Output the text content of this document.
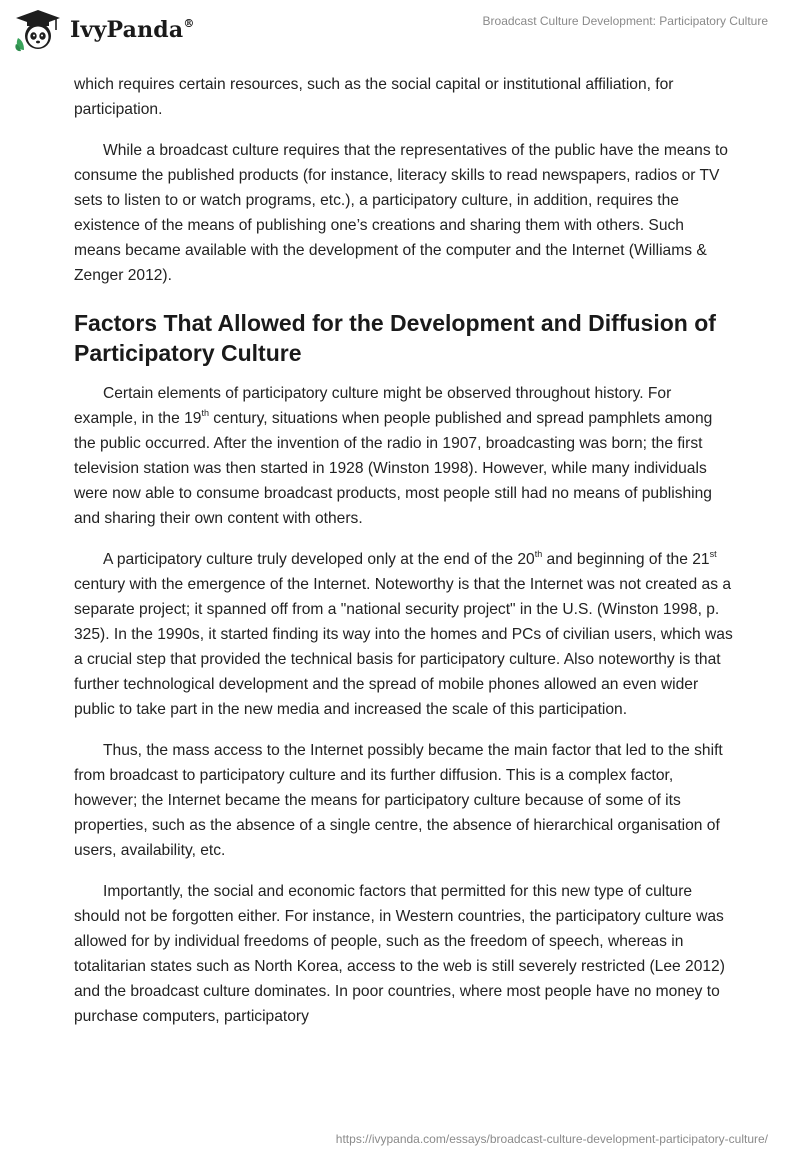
IvyPanda®	Broadcast Culture Development: Participatory Culture

which requires certain resources, such as the social capital or institutional affiliation, for participation.

While a broadcast culture requires that the representatives of the public have the means to consume the published products (for instance, literacy skills to read newspapers, radios or TV sets to listen to or watch programs, etc.), a participatory culture, in addition, requires the existence of the means of publishing one’s creations and sharing them with others. Such means became available with the development of the computer and the Internet (Williams & Zenger 2012).

Factors That Allowed for the Development and Diffusion of Participatory Culture

Certain elements of participatory culture might be observed throughout history. For example, in the 19th century, situations when people published and spread pamphlets among the public occurred. After the invention of the radio in 1907, broadcasting was born; the first television station was then started in 1928 (Winston 1998). However, while many individuals were now able to consume broadcast products, most people still had no means of publishing and sharing their own content with others.

A participatory culture truly developed only at the end of the 20th and beginning of the 21st century with the emergence of the Internet. Noteworthy is that the Internet was not created as a separate project; it spanned off from a "national security project" in the U.S. (Winston 1998, p. 325). In the 1990s, it started finding its way into the homes and PCs of civilian users, which was a crucial step that provided the technical basis for participatory culture. Also noteworthy is that further technological development and the spread of mobile phones allowed an even wider public to take part in the new media and increased the scale of this participation.

Thus, the mass access to the Internet possibly became the main factor that led to the shift from broadcast to participatory culture and its further diffusion. This is a complex factor, however; the Internet became the means for participatory culture because of some of its properties, such as the absence of a single centre, the absence of hierarchical organisation of users, availability, etc.

Importantly, the social and economic factors that permitted for this new type of culture should not be forgotten either. For instance, in Western countries, the participatory culture was allowed for by individual freedoms of people, such as the freedom of speech, whereas in totalitarian states such as North Korea, access to the web is still severely restricted (Lee 2012) and the broadcast culture dominates. In poor countries, where most people have no money to purchase computers, participatory

https://ivypanda.com/essays/broadcast-culture-development-participatory-culture/
